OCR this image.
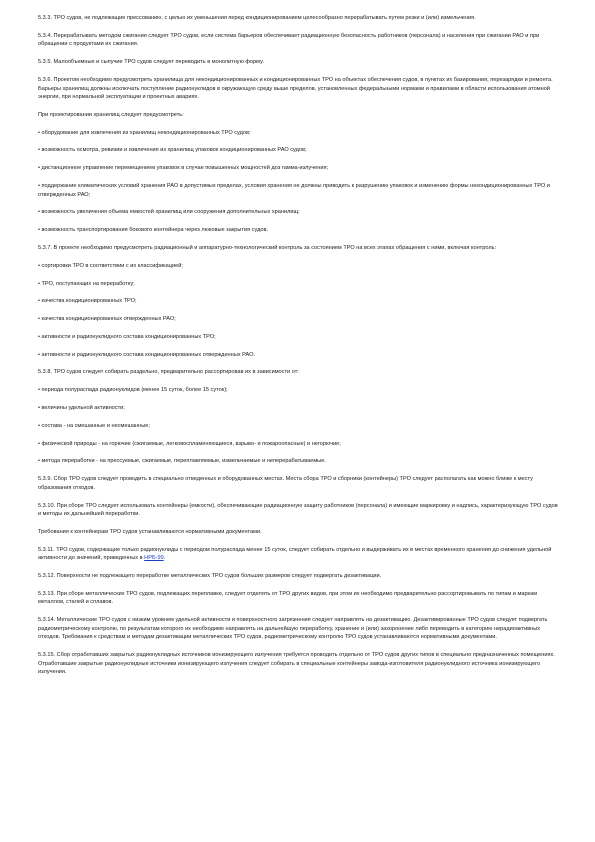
5.3.3. ТРО судов, не подлежащие прессованию, с целью их уменьшения перед кондиционированием целесообразно перерабатывать путем резки и (или) измельчения.

5.3.4. Перерабатывать методом сжигания следует ТРО судов, если система барьеров обеспечивает радиационную безопасность работников (персонала) и населения при сжигании РАО и при обращении с продуктами их сжигания.

5.3.5. Малообъемные и сыпучие ТРО судов следует переводить в монолитную форму.

5.3.6. Проектом необходимо предусмотреть хранилища для некондиционированных и кондиционированных ТРО на объектах обеспечения судов, в пунктах их базирования, перезарядки и ремонта. Барьеры хранилищ должны исключать поступление радионуклидов в окружающую среду выше пределов, установленных федеральными нормами и правилами в области использования атомной энергии, при нормальной эксплуатации и проектных авариях.

При проектировании хранилищ следует предусмотреть:

• оборудование для извлечения из хранилищ некондиционированных ТРО судов;

• возможность осмотра, ревизии и извлечения из хранилищ упаковок кондиционированных РАО судов;

• дистанционное управление перемещением упаковок в случае повышенных мощностей доз гамма-излучения;

• поддержание климатических условий хранения РАО в допустимых пределах, условия хранения не должны приводить к разрушению упаковок и изменению формы некондиционированных ТРО и отвержденных РАО;

• возможность увеличения объема емкостей хранилищ или сооружения дополнительных хранилищ;

• возможность транспортирования бокового контейнера через люковые закрытия судов.

5.3.7. В проекте необходимо предусмотреть радиационный и аппаратурно-технологический контроль за состоянием ТРО на всех этапах обращения с ними, включая контроль:

• сортировки ТРО в соответствии с их классификацией;

• ТРО, поступающих на переработку;

• качества кондиционированных ТРО;

• качества кондиционированных отвержденных РАО;

• активности и радионуклидного состава кондиционированных ТРО;

• активности и радионуклидного состава кондиционированных отвержденных РАО.

5.3.8. ТРО судов следует собирать раздельно, предварительно рассортировав их в зависимости от:

• периода полураспада радионуклидов (менее 15 суток, более 15 суток);

• величины удельной активности;

• состава - на смешанные и несмешанные;

• физической природы - на горючие (сжигаемые, легковоспламеняющиеся, взрыво- и пожароопасные) и негорючие;

• метода переработки - на прессуемые, сжигаемые, переплавляемые, измельчаемые и неперерабатываемые.

5.3.9. Сбор ТРО судов следует проводить в специально отведенных и оборудованных местах. Места сбора ТРО и сборники (контейнеры) ТРО следует располагать как можно ближе к месту образования отходов.

5.3.10. При сборе ТРО следует использовать контейнеры (емкости), обеспечивающие радиационную защиту работников (персонала) и имеющие маркировку и надпись, характеризующую ТРО судов и методы их дальнейшей переработки.

Требования к контейнерам ТРО судов устанавливаются нормативными документами.

5.3.11. ТРО судов, содержащие только радионуклиды с периодом полураспада менее 15 суток, следует собирать отдельно и выдерживать их в местах временного хранения до снижения удельной активности до значений, приведенных в НРБ-99.

5.3.12. Поверхности не подлежащего переработке металлических ТРО судов больших размеров следует подвергать дезактивации.

5.3.13. При сборе металлических ТРО судов, подлежащих переплавке, следует отделять от ТРО других видов, при этом их необходимо предварительно рассортировывать по типам и маркам металлов, сталей и сплавов.

5.3.14. Металлические ТРО судов с низким уровнем удельной активности и поверхностного загрязнения следует направлять на дезактивацию. Дезактивированные ТРО судов следует подвергать радиометрическому контролю, по результатам которого их необходимо направлять на дальнейшую переработку, хранение и (или) захоронение либо переводить в категорию нерадиоактивных отходов. Требования к средствам и методам дезактивации металлических ТРО судов, радиометрическому контролю ТРО судов устанавливаются нормативными документами.

5.3.15. Сбор отработавших закрытых радионуклидных источников ионизирующего излучения требуется проводить отдельно от ТРО судов других типов в специально предназначенных помещениях. Отработавшие закрытые радионуклидные источники ионизирующего излучения следует собирать в специальные контейнеры завода-изготовителя радионуклидного источника ионизирующего излучения.
